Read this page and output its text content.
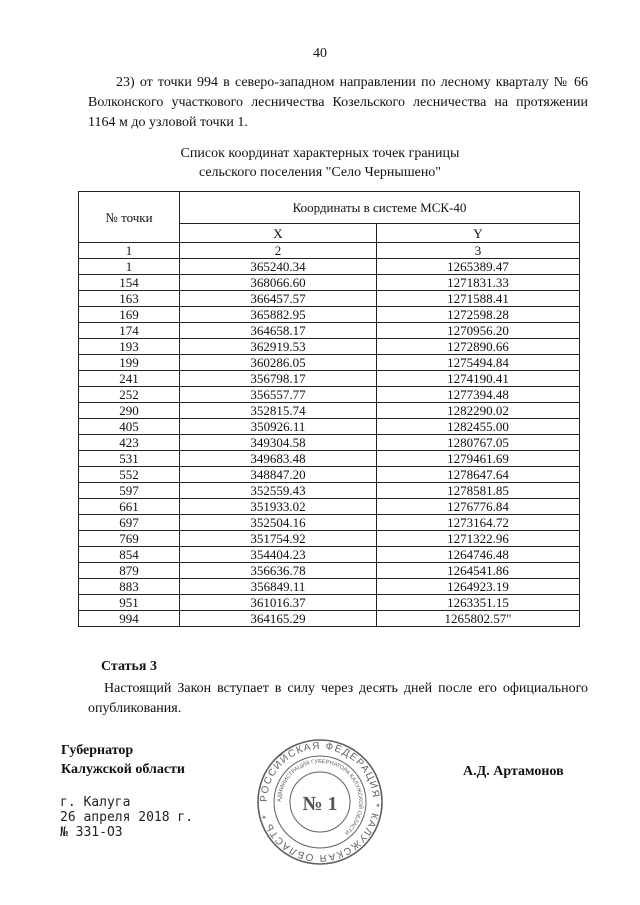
40
23) от точки 994 в северо-западном направлении по лесному кварталу № 66 Волконского участкового лесничества Козельского лесничества на протяжении 1164 м до узловой точки 1.
Список координат характерных точек границы
сельского поселения "Село Чернышено"
№ точки	Координаты в системе МСК-40	
	X	Y
1	2	3
1	365240.34	1265389.47
154	368066.60	1271831.33
163	366457.57	1271588.41
169	365882.95	1272598.28
174	364658.17	1270956.20
193	362919.53	1272890.66
199	360286.05	1275494.84
241	356798.17	1274190.41
252	356557.77	1277394.48
290	352815.74	1282290.02
405	350926.11	1282455.00
423	349304.58	1280767.05
531	349683.48	1279461.69
552	348847.20	1278647.64
597	352559.43	1278581.85
661	351933.02	1276776.84
697	352504.16	1273164.72
769	351754.92	1271322.96
854	354404.23	1264746.48
879	356636.78	1264541.86
883	356849.11	1264923.19
951	361016.37	1263351.15
994	364165.29	1265802.57"
Статья 3
Настоящий Закон вступает в силу через десять дней после его официального опубликования.
Губернатор
Калужской области	А.Д. Артамонов
г. Калуга
26 апреля 2018 г.
№ 331-ОЗ
РОССИЙСКАЯ ФЕДЕРАЦИЯ * КАЛУЖСКАЯ ОБЛАСТЬ *
АДМИНИСТРАЦИЯ ГУБЕРНАТОРА КАЛУЖСКОЙ ОБЛАСТИ
№ 1
